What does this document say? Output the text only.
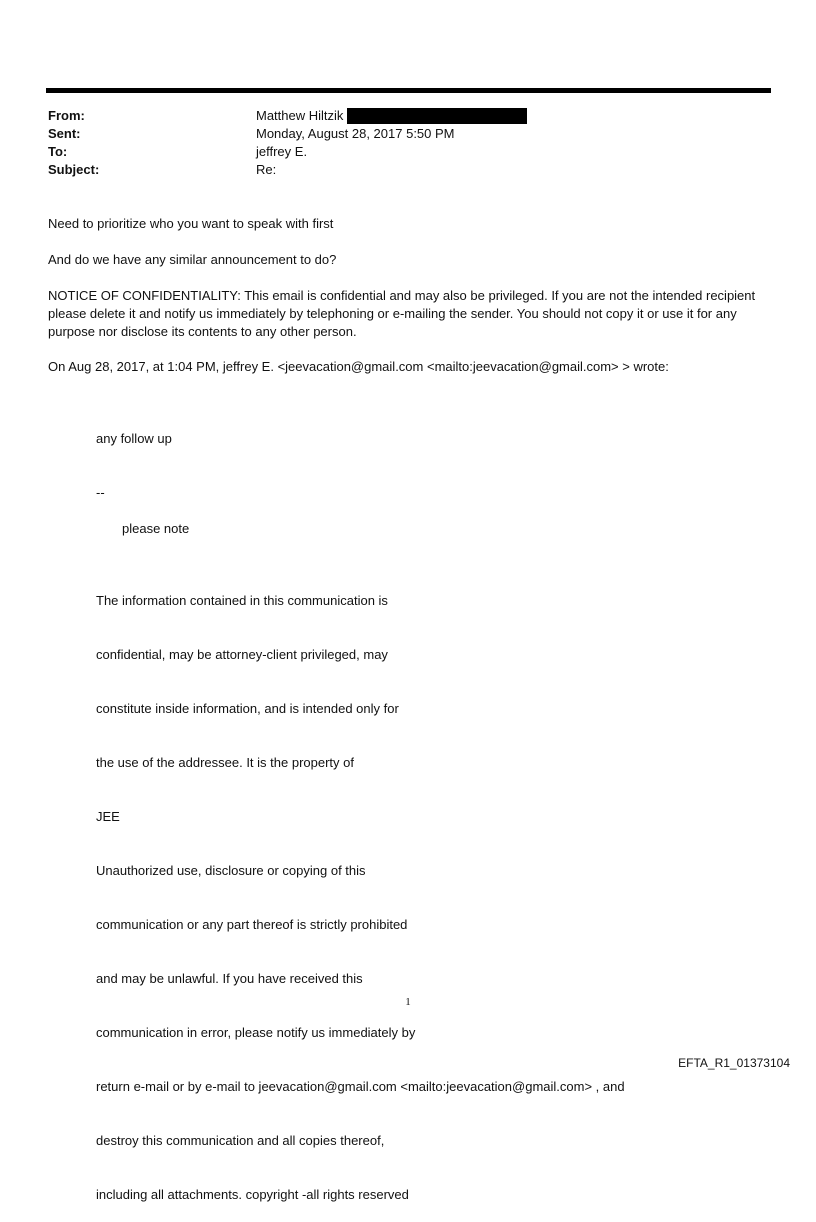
From:	Matthew Hiltzik
Sent:	Monday, August 28, 2017 5:50 PM
To:	jeffrey E.
Subject:	Re:
Need to prioritize who you want to speak with first
And do we have any similar announcement to do?
NOTICE OF CONFIDENTIALITY: This email is confidential and may also be privileged. If you are not the intended recipient please delete it and notify us immediately by telephoning or e-mailing the sender. You should not copy it or use it for any purpose nor disclose its contents to any other person.
On Aug 28, 2017, at 1:04 PM, jeffrey E. <jeevacation@gmail.com <mailto:jeevacation@gmail.com> > wrote:
any follow up
--
please note

The information contained in this communication is

confidential, may be attorney-client privileged, may

constitute inside information, and is intended only for

the use of the addressee. It is the property of

JEE

Unauthorized use, disclosure or copying of this

communication or any part thereof is strictly prohibited

and may be unlawful. If you have received this

communication in error, please notify us immediately by

return e-mail or by e-mail to jeevacation@gmail.com <mailto:jeevacation@gmail.com> , and

destroy this communication and all copies thereof,

including all attachments. copyright -all rights reserved

1
EFTA_R1_01373104
